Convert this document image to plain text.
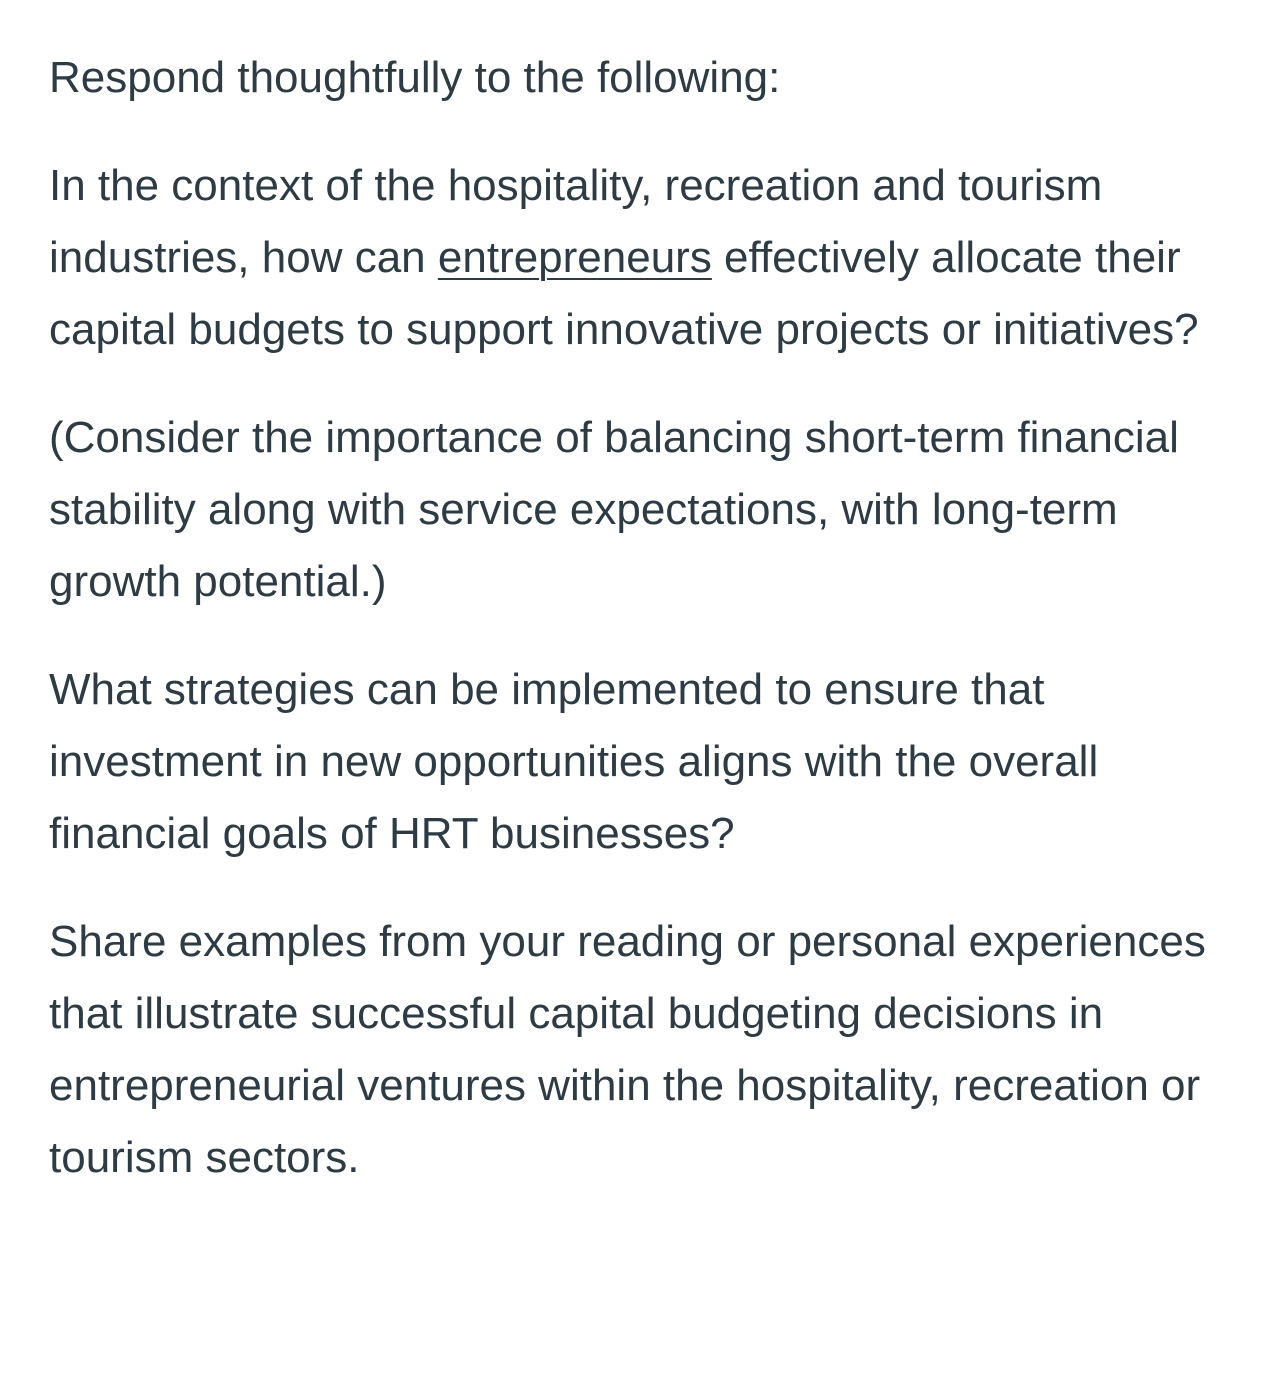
Respond thoughtfully to the following:

In the context of the hospitality, recreation and tourism industries, how can entrepreneurs effectively allocate their capital budgets to support innovative projects or initiatives?

(Consider the importance of balancing short-term financial stability along with service expectations, with long-term growth potential.)

What strategies can be implemented to ensure that investment in new opportunities aligns with the overall financial goals of HRT businesses?

Share examples from your reading or personal experiences that illustrate successful capital budgeting decisions in entrepreneurial ventures within the hospitality, recreation or tourism sectors.
